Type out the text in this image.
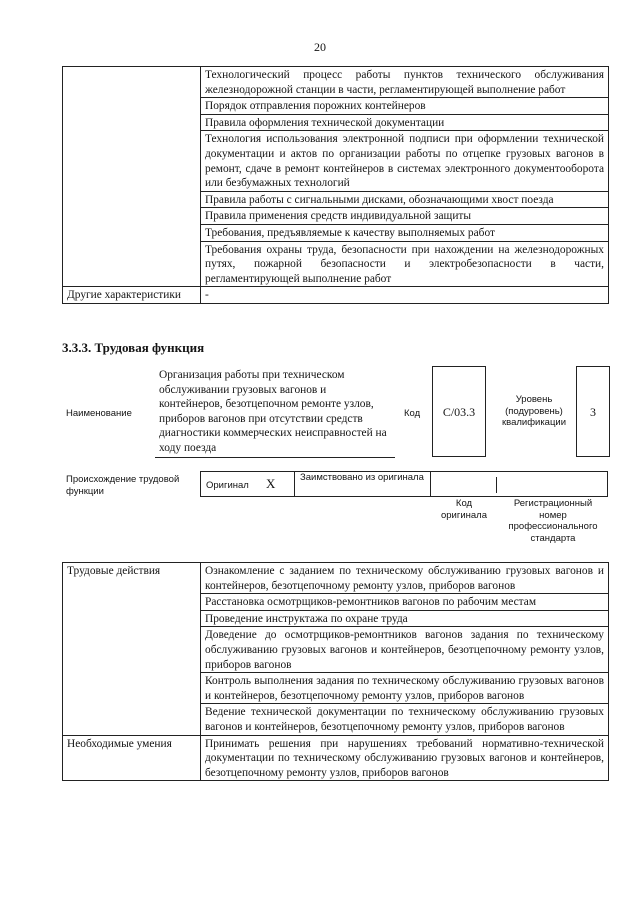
20
	Технологический процесс работы пунктов технического обслуживания железнодорожной станции в части, регламентирующей выполнение работ
	Порядок отправления порожних контейнеров
	Правила оформления технической документации
	Технология использования электронной подписи при оформлении технической документации и актов по организации работы по отцепке грузовых вагонов в ремонт, сдаче в ремонт контейнеров в системах электронного документооборота или безбумажных технологий
	Правила работы с сигнальными дисками, обозначающими хвост поезда
	Правила применения средств индивидуальной защиты
	Требования, предъявляемые к качеству выполняемых работ
	Требования охраны труда, безопасности при нахождении на железнодорожных путях, пожарной безопасности и электробезопасности в части, регламентирующей выполнение работ
Другие характеристики	-
3.3.3. Трудовая функция
Наименование
Организация работы при техническом обслуживании грузовых вагонов и контейнеров, безотцепочном ремонте узлов, приборов вагонов при отсутствии средств диагностики коммерческих неисправностей на ходу поезда
Код	C/03.3
Уровень (подуровень) квалификации
3
Происхождение трудовой функции	Оригинал X	Заимствовано из оригинала
Код оригинала
Регистрационный номер профессионального стандарта
Трудовые действия	Ознакомление с заданием по техническому обслуживанию грузовых вагонов и контейнеров, безотцепочному ремонту узлов, приборов вагонов
	Расстановка осмотрщиков-ремонтников вагонов по рабочим местам
	Проведение инструктажа по охране труда
	Доведение до осмотрщиков-ремонтников вагонов задания по техническому обслуживанию грузовых вагонов и контейнеров, безотцепочному ремонту узлов, приборов вагонов
	Контроль выполнения задания по техническому обслуживанию грузовых вагонов и контейнеров, безотцепочному ремонту узлов, приборов вагонов
	Ведение технической документации по техническому обслуживанию грузовых вагонов и контейнеров, безотцепочному ремонту узлов, приборов вагонов
Необходимые умения	Принимать решения при нарушениях требований нормативно-технической документации по техническому обслуживанию грузовых вагонов и контейнеров, безотцепочному ремонту узлов, приборов вагонов
